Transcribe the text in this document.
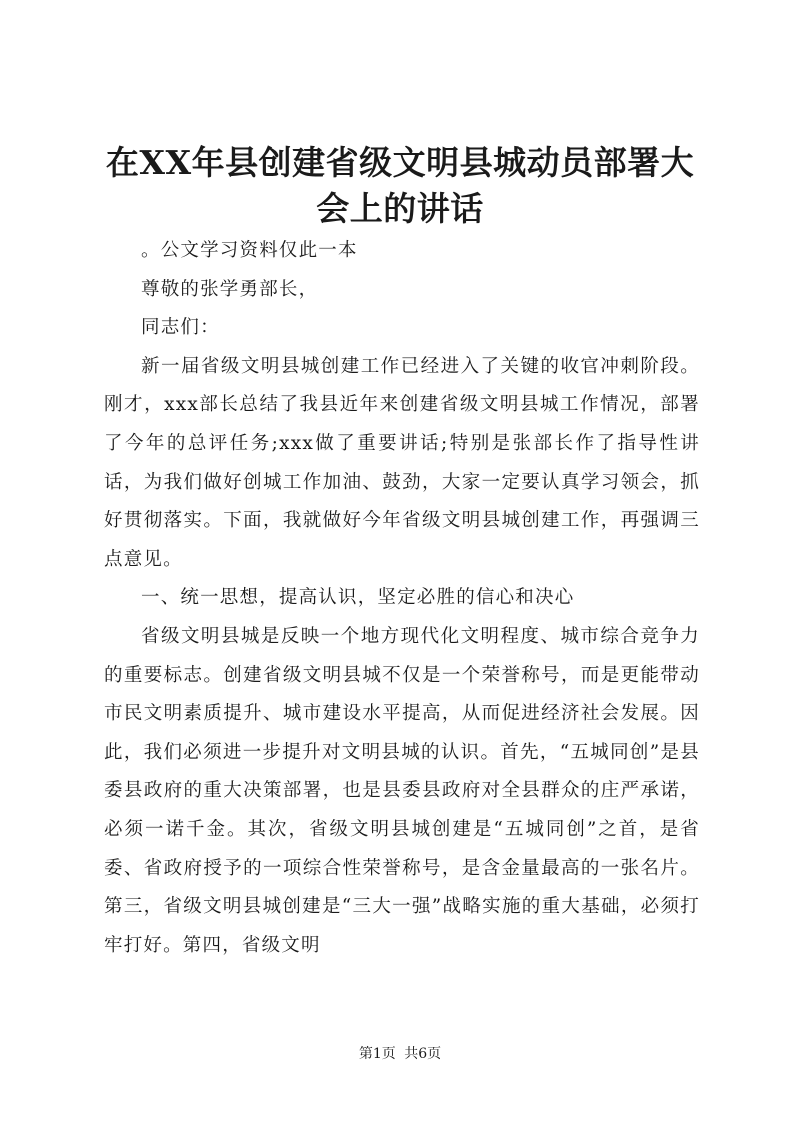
在XX年县创建省级文明县城动员部署大会上的讲话

。公文学习资料仅此一本

尊敬的张学勇部长，

同志们：

新一届省级文明县城创建工作已经进入了关键的收官冲刺阶段。刚才，xxx部长总结了我县近年来创建省级文明县城工作情况，部署了今年的总评任务;xxx做了重要讲话;特别是张部长作了指导性讲话，为我们做好创城工作加油、鼓劲，大家一定要认真学习领会，抓好贯彻落实。下面，我就做好今年省级文明县城创建工作，再强调三点意见。

一、统一思想，提高认识，坚定必胜的信心和决心

省级文明县城是反映一个地方现代化文明程度、城市综合竞争力的重要标志。创建省级文明县城不仅是一个荣誉称号，而是更能带动市民文明素质提升、城市建设水平提高，从而促进经济社会发展。因此，我们必须进一步提升对文明县城的认识。首先，“五城同创”是县委县政府的重大决策部署，也是县委县政府对全县群众的庄严承诺，必须一诺千金。其次，省级文明县城创建是“五城同创”之首，是省委、省政府授予的一项综合性荣誉称号，是含金量最高的一张名片。第三，省级文明县城创建是“三大一强”战略实施的重大基础，必须打牢打好。第四，省级文明

第1页 共6页
